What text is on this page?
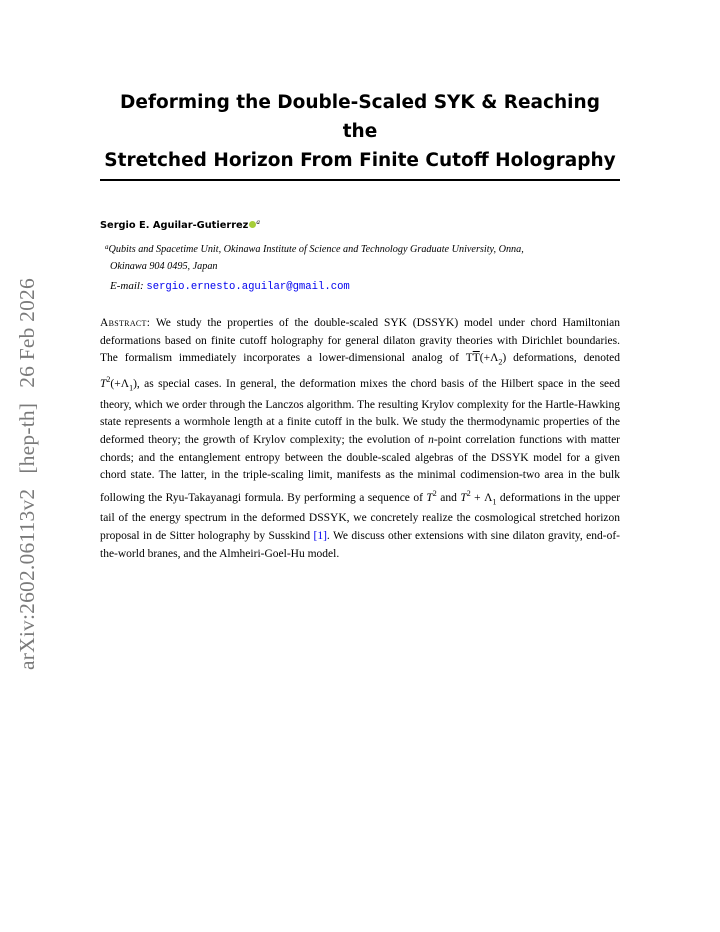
arXiv:2602.06113v2[hep-th]26 Feb 2026
Deforming the Double-Scaled SYK & Reaching the
Stretched Horizon From Finite Cutoff Holography
Sergio E. Aguilar-Gutierrez $^a$
$^a$Qubits and Spacetime Unit, Okinawa Institute of Science and Technology Graduate University, Onna,
Okinawa 904 0495, Japan
E-mail: sergio.ernesto.aguilar@gmail.com
Abstract: We study the properties of the double-scaled SYK (DSSYK) model under chord Hamiltonian deformations based on finite cutoff holography for general dilaton gravity theories with Dirichlet boundaries. The formalism immediately incorporates a lower-dimensional analog of $T\overline{T}(+\Lambda_2)$ deformations, denoted $T^2(+\Lambda_1)$, as special cases. In general, the deformation mixes the chord basis of the Hilbert space in the seed theory, which we order through the Lanczos algorithm. The resulting Krylov complexity for the Hartle-Hawking state represents a wormhole length at a finite cutoff in the bulk. We study the thermodynamic properties of the deformed theory; the growth of Krylov complexity; the evolution of n-point correlation functions with matter chords; and the entanglement entropy between the double-scaled algebras of the DSSYK model for a given chord state. The latter, in the triple-scaling limit, manifests as the minimal codimension-two area in the bulk following the Ryu-Takayanagi formula. By performing a sequence of $T^2$ and $T^2 + \Lambda_1$ deformations in the upper tail of the energy spectrum in the deformed DSSYK, we concretely realize the cosmological stretched horizon proposal in de Sitter holography by Susskind [1]. We discuss other extensions with sine dilaton gravity, end-of-the-world branes, and the Almheiri-Goel-Hu model.
